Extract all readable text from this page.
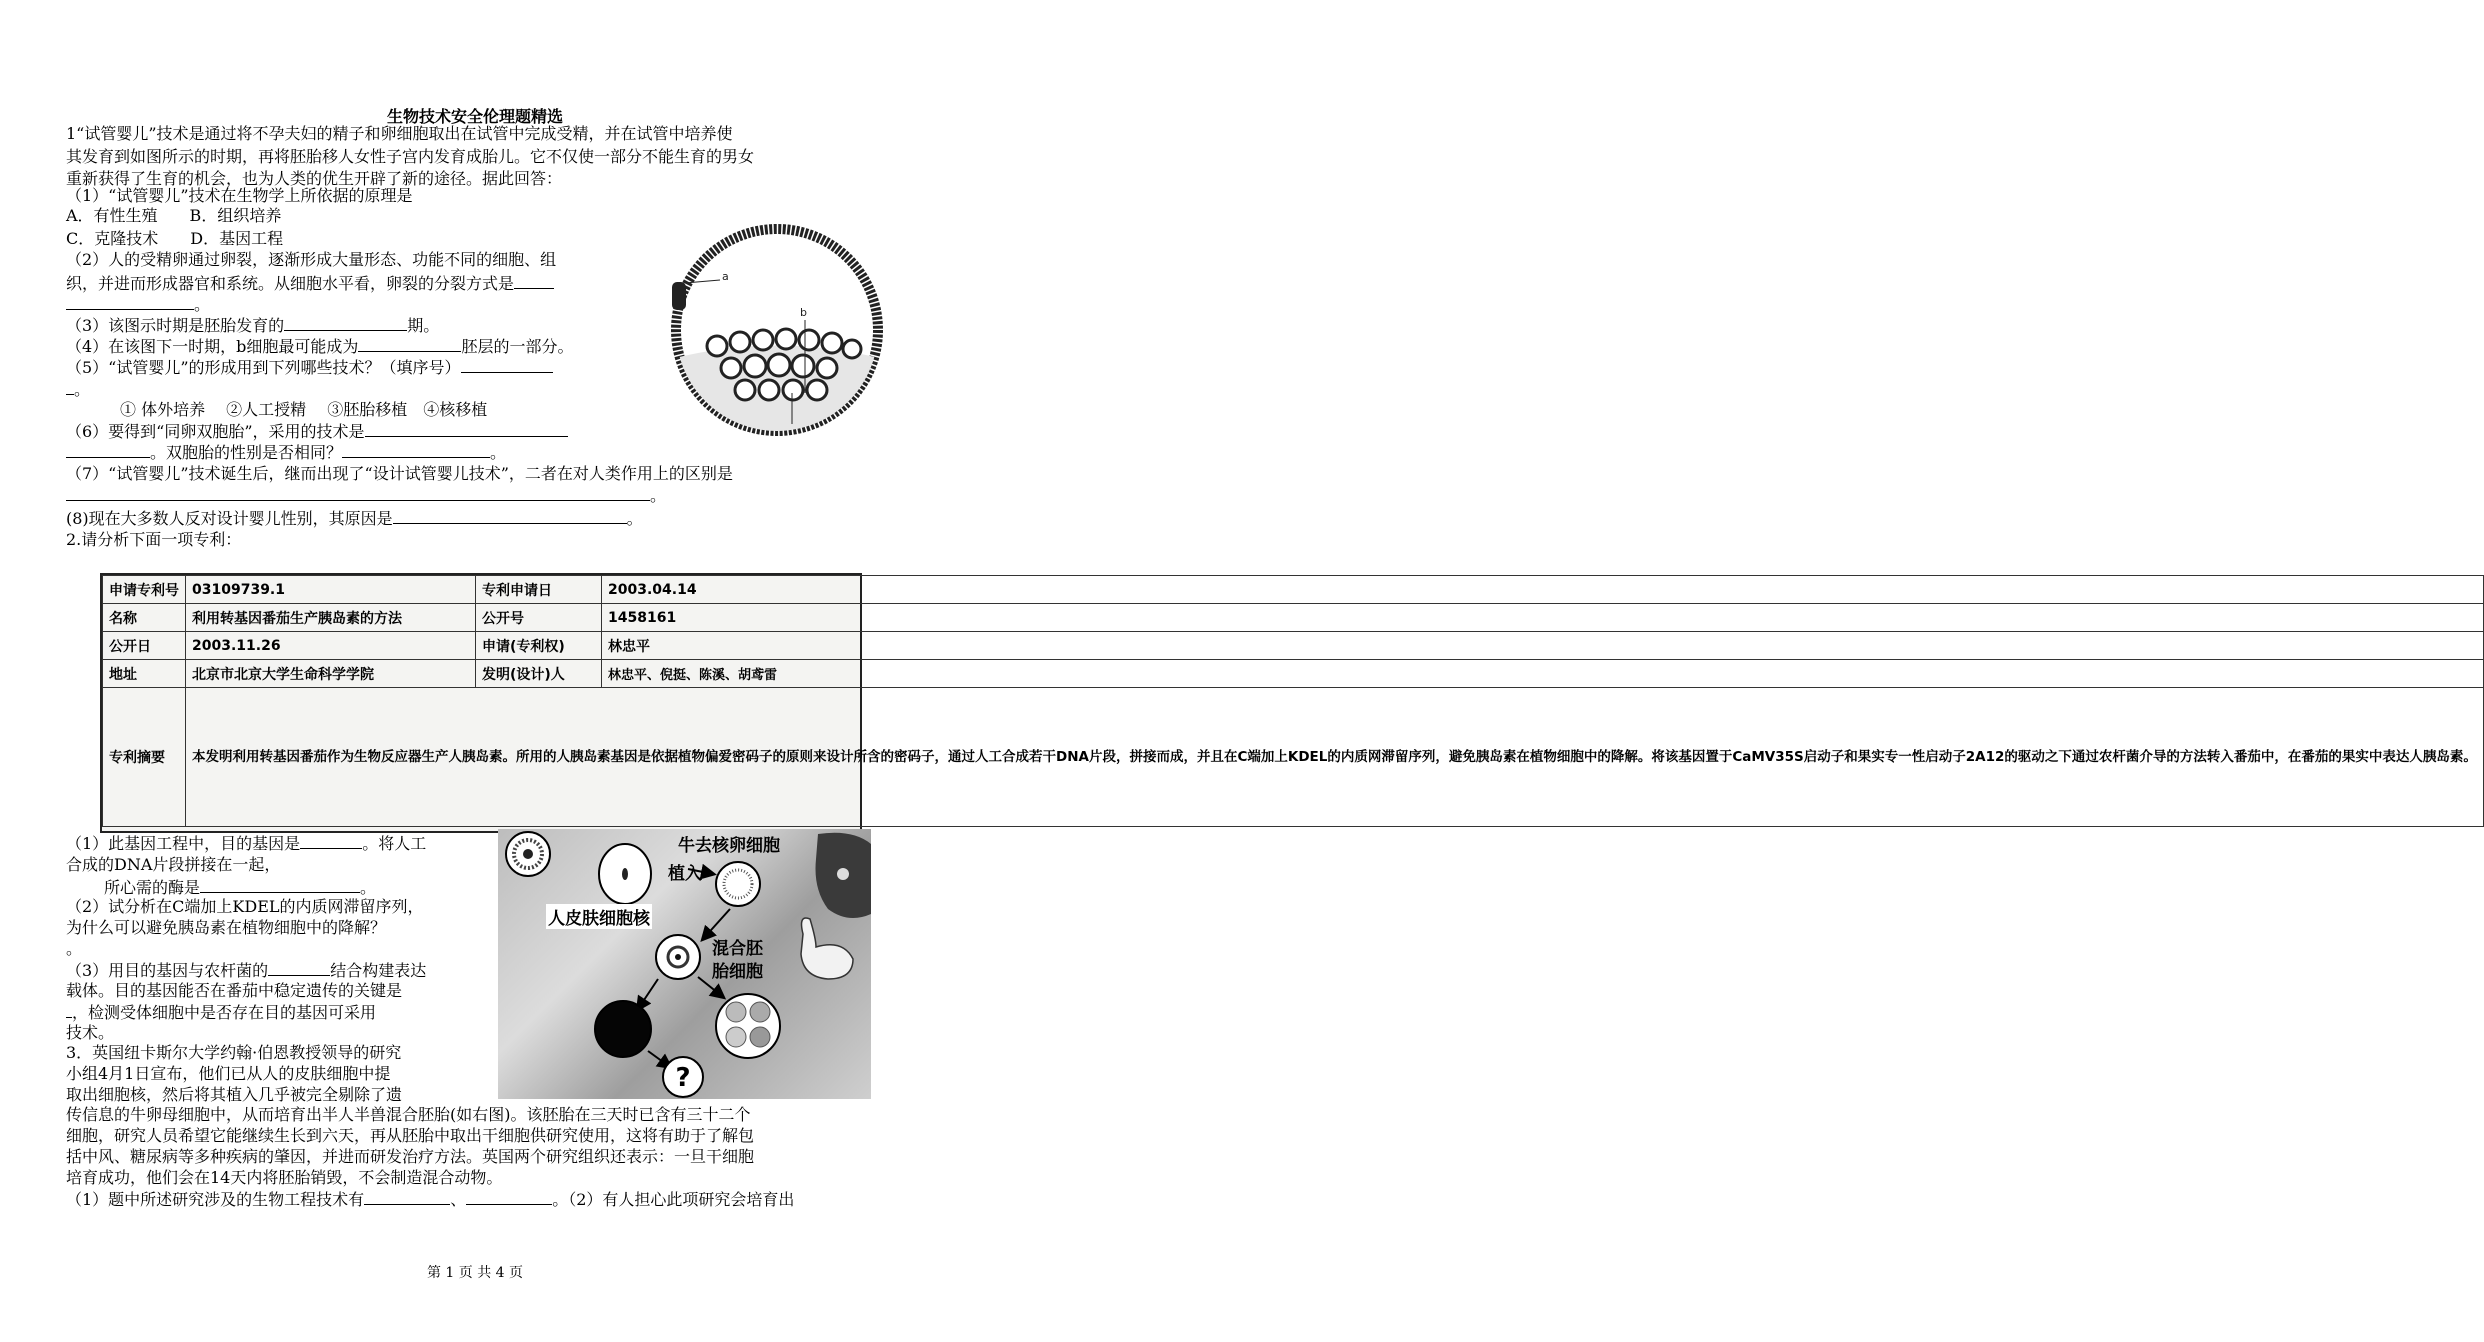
生物技术安全伦理题精选
1“试管婴儿”技术是通过将不孕夫妇的精子和卵细胞取出在试管中完成受精，并在试管中培养使
其发育到如图所示的时期，再将胚胎移人女性子宫内发育成胎儿。它不仅使一部分不能生育的男女
重新获得了生育的机会，也为人类的优生开辟了新的途径。据此回答：
（1）“试管婴儿”技术在生物学上所依据的原理是
A．有性生殖　　B．组织培养
C．克隆技术　　D．基因工程
（2）人的受精卵通过卵裂，逐渐形成大量形态、功能不同的细胞、组
织，并进而形成器官和系统。从细胞水平看，卵裂的分裂方式是
。
（3）该图示时期是胚胎发育的	期。
（4）在该图下一时期，b细胞最可能成为	胚层的一部分。
（5）“试管婴儿”的形成用到下列哪些技术？（填序号）
。
① 体外培养　 ②人工授精　 ③胚胎移植　④核移植
（6）要得到“同卵双胞胎”，采用的技术是
。双胞胎的性别是否相同？	。
（7）“试管婴儿”技术诞生后，继而出现了“设计试管婴儿技术”，二者在对人类作用上的区别是
。
(8)现在大多数人反对设计婴儿性别，其原因是	。
2.请分析下面一项专利：
a
b
申请专利号	03109739.1	专利申请日	2003.04.14
名称	利用转基因番茄生产胰岛素的方法	公开号	1458161
公开日	2003.11.26	申请(专利权)	林忠平
地址	北京市北京大学生命科学学院	发明(设计)人	林忠平、倪挺、陈溪、胡鸢雷
专利摘要	本发明利用转基因番茄作为生物反应器生产人胰岛素。所用的人胰岛素基因是依据植物偏爱密码子的原则来设计所含的密码子，通过人工合成若干DNA片段，拼接而成，并且在C端加上KDEL的内质网滞留序列，避免胰岛素在植物细胞中的降解。将该基因置于CaMV35S启动子和果实专一性启动子2A12的驱动之下通过农杆菌介导的方法转入番茄中，在番茄的果实中表达人胰岛素。		
（1）此基因工程中，目的基因是	。将人工
合成的DNA片段拼接在一起，
所心需的酶是	。
（2）试分析在C端加上KDEL的内质网滞留序列，
为什么可以避免胰岛素在植物细胞中的降解？
。
（3）用目的基因与农杆菌的	结合构建表达
载体。目的基因能否在番茄中稳定遗传的关键是
，检测受体细胞中是否存在目的基因可采用
技术。
3．英国纽卡斯尔大学约翰·伯恩教授领导的研究
小组4月1日宣布，他们已从人的皮肤细胞中提
取出细胞核，然后将其植入几乎被完全剔除了遗
传信息的牛卵母细胞中，从而培育出半人半兽混合胚胎(如右图)。该胚胎在三天时已含有三十二个
细胞，研究人员希望它能继续生长到六天，再从胚胎中取出干细胞供研究使用，这将有助于了解包
括中风、糖尿病等多种疾病的肇因，并进而研发治疗方法。英国两个研究组织还表示：一旦干细胞
培育成功，他们会在14天内将胚胎销毁，不会制造混合动物。
（1）题中所述研究涉及的生物工程技术有	、	。（2）有人担心此项研究会培育出
?
牛去核卵细胞
植入
人皮肤细胞核
混合胚
胎细胞
第 1 页 共 4 页
